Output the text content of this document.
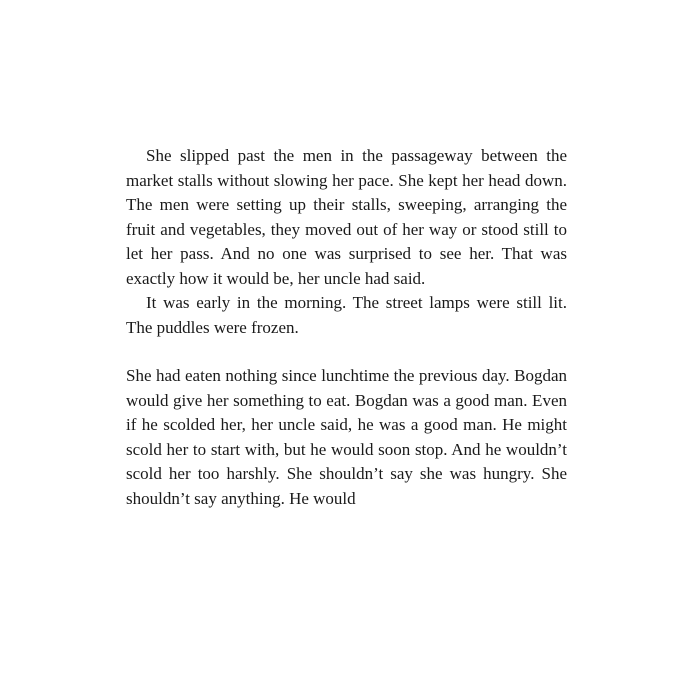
She slipped past the men in the passageway between the market stalls without slowing her pace. She kept her head down. The men were setting up their stalls, sweeping, arranging the fruit and vegetables, they moved out of her way or stood still to let her pass. And no one was surprised to see her. That was exactly how it would be, her uncle had said.

It was early in the morning. The street lamps were still lit. The puddles were frozen.

She had eaten nothing since lunchtime the previous day. Bogdan would give her something to eat. Bogdan was a good man. Even if he scolded her, her uncle said, he was a good man. He might scold her to start with, but he would soon stop. And he wouldn’t scold her too harshly. She shouldn’t say she was hungry. She shouldn’t say anything. He would
